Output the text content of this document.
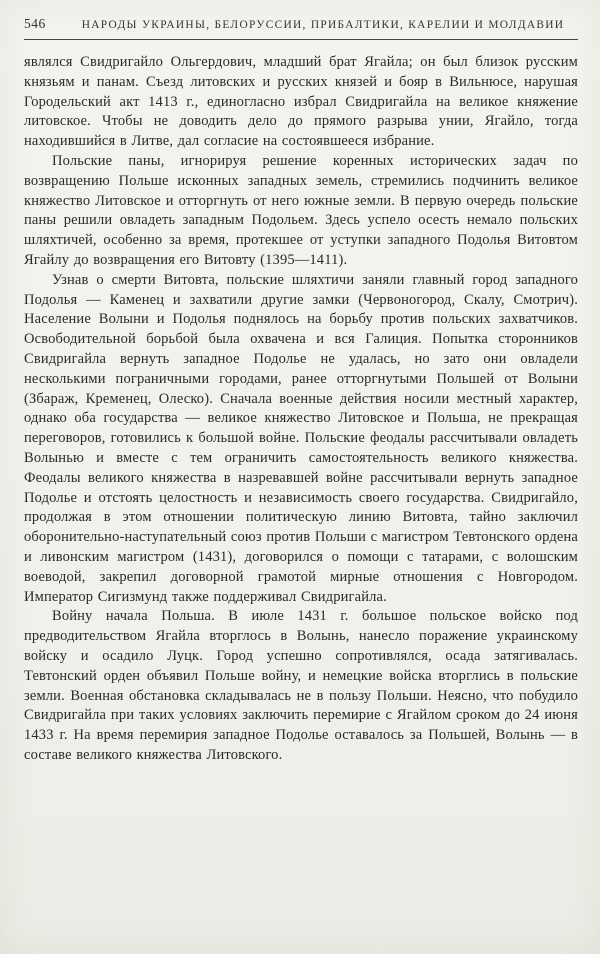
546	НАРОДЫ УКРАИНЫ, БЕЛОРУССИИ, ПРИБАЛТИКИ, КАРЕЛИИ И МОЛДАВИИ

являлся Свидригайло Ольгердович, младший брат Ягайла; он был близок русским князьям и панам. Съезд литовских и русских князей и бояр в Вильнюсе, нарушая Городельский акт 1413 г., единогласно избрал Свидригайла на великое княжение литовское. Чтобы не доводить дело до прямого разрыва унии, Ягайло, тогда находившийся в Литве, дал согласие на состоявшееся избрание.

Польские паны, игнорируя решение коренных исторических задач по возвращению Польше исконных западных земель, стремились подчинить великое княжество Литовское и отторгнуть от него южные земли. В первую очередь польские паны решили овладеть западным Подольем. Здесь успело осесть немало польских шляхтичей, особенно за время, протекшее от уступки западного Подолья Витовтом Ягайлу до возвращения его Витовту (1395—1411).

Узнав о смерти Витовта, польские шляхтичи заняли главный город западного Подолья — Каменец и захватили другие замки (Червоногород, Скалу, Смотрич). Население Волыни и Подолья поднялось на борьбу против польских захватчиков. Освободительной борьбой была охвачена и вся Галиция. Попытка сторонников Свидригайла вернуть западное Подолье не удалась, но зато они овладели несколькими пограничными городами, ранее отторгнутыми Польшей от Волыни (Збараж, Кременец, Олеско). Сначала военные действия носили местный характер, однако оба государства — великое княжество Литовское и Польша, не прекращая переговоров, готовились к большой войне. Польские феодалы рассчитывали овладеть Волынью и вместе с тем ограничить самостоятельность великого княжества. Феодалы великого княжества в назревавшей войне рассчитывали вернуть западное Подолье и отстоять целостность и независимость своего государства. Свидригайло, продолжая в этом отношении политическую линию Витовта, тайно заключил оборонительно-наступательный союз против Польши с магистром Тевтонского ордена и ливонским магистром (1431), договорился о помощи с татарами, с волошским воеводой, закрепил договорной грамотой мирные отношения с Новгородом. Император Сигизмунд также поддерживал Свидригайла.

Войну начала Польша. В июле 1431 г. большое польское войско под предводительством Ягайла вторглось в Волынь, нанесло поражение украинскому войску и осадило Луцк. Город успешно сопротивлялся, осада затягивалась. Тевтонский орден объявил Польше войну, и немецкие войска вторглись в польские земли. Военная обстановка складывалась не в пользу Польши. Неясно, что побудило Свидригайла при таких условиях заключить перемирие с Ягайлом сроком до 24 июня 1433 г. На время перемирия западное Подолье оставалось за Польшей, Волынь — в составе великого княжества Литовского.
